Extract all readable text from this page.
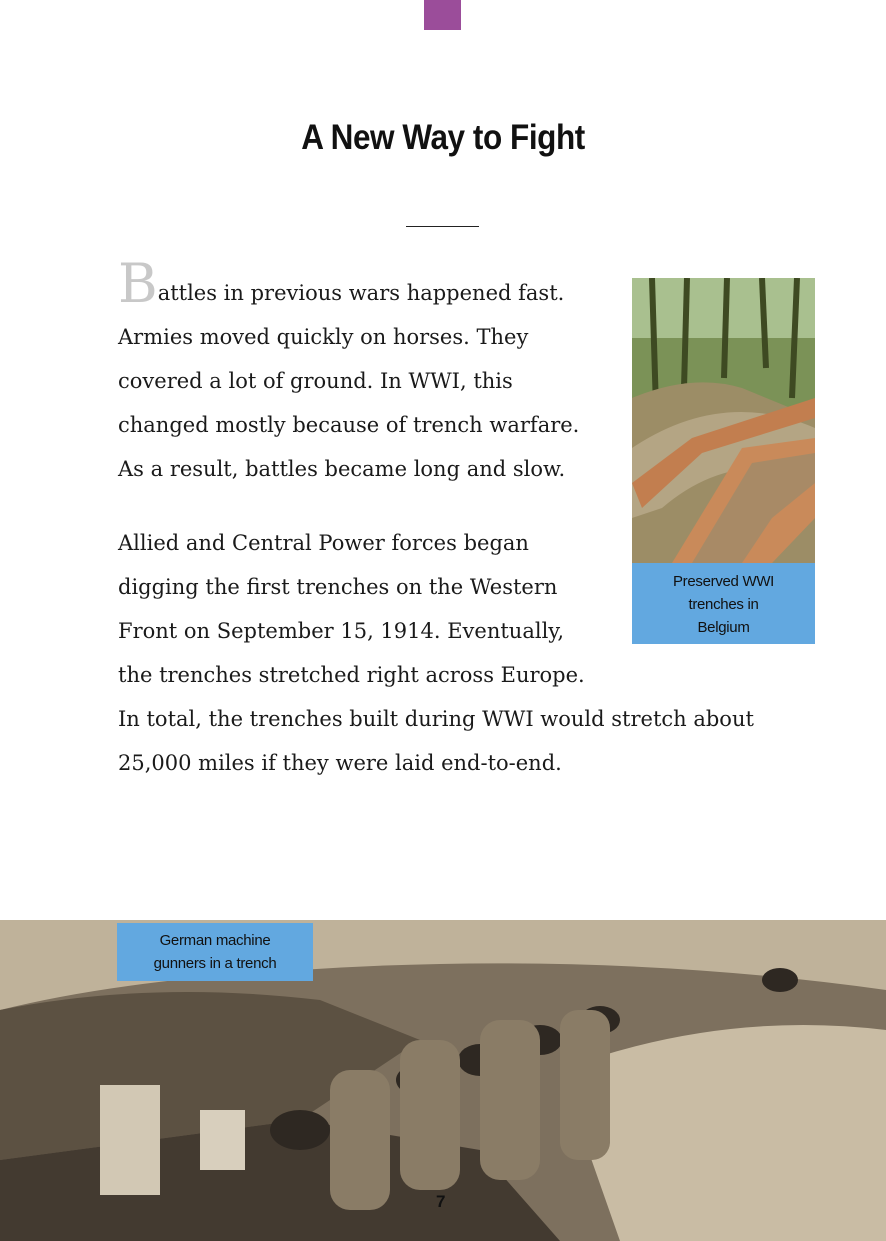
A New Way to Fight
Battles in previous wars happened fast.
Armies moved quickly on horses. They
covered a lot of ground. In WWI, this
changed mostly because of trench warfare.
As a result, battles became long and slow.
Preserved WWI
trenches in
Belgium
Allied and Central Power forces began
digging the first trenches on the Western
Front on September 15, 1914. Eventually,
the trenches stretched right across Europe.
In total, the trenches built during WWI would stretch about
25,000 miles if they were laid end-to-end.
German machine
gunners in a trench
7
